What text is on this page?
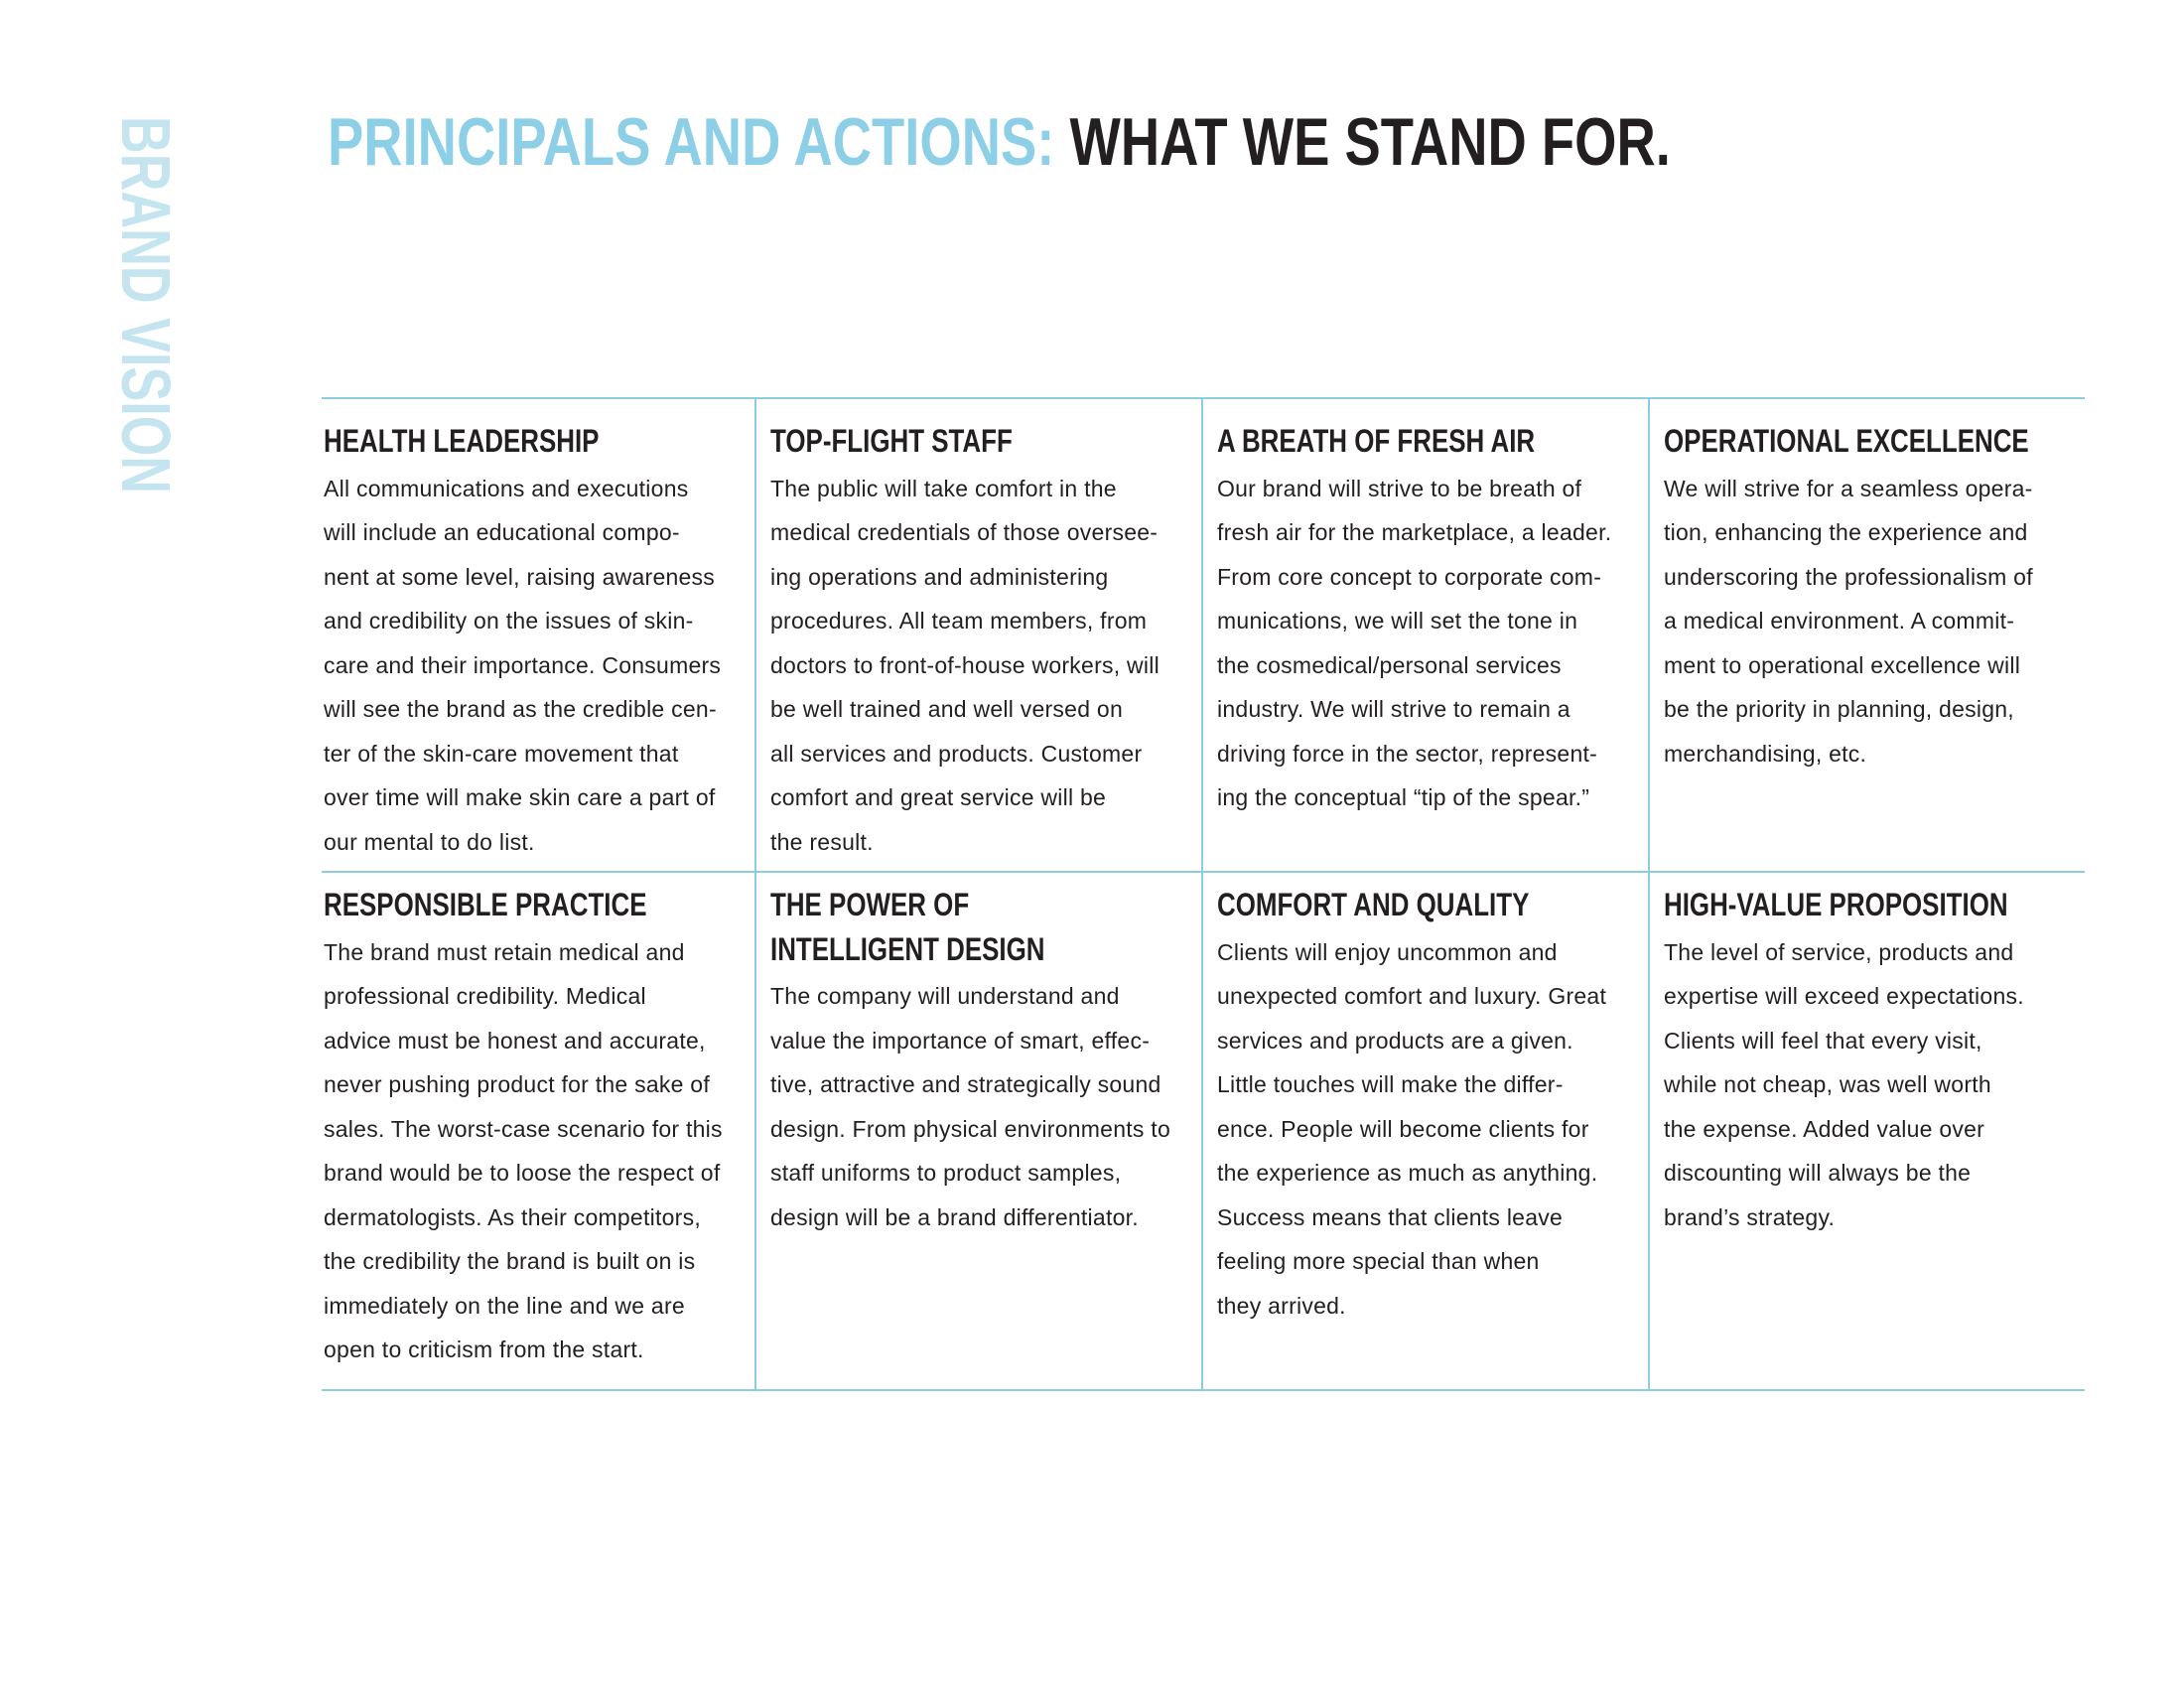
BRAND VISION PRINCIPALS AND ACTIONS: WHAT WE STAND FOR.
HEALTH LEADERSHIP
All communications and executions
will include an educational compo-
nent at some level, raising awareness
and credibility on the issues of skin-
care and their importance. Consumers
will see the brand as the credible cen-
ter of the skin-care movement that
over time will make skin care a part of
our mental to do list.
TOP-FLIGHT STAFF
The public will take comfort in the
medical credentials of those oversee-
ing operations and administering
procedures. All team members, from
doctors to front-of-house workers, will
be well trained and well versed on
all services and products. Customer
comfort and great service will be
the result.
A BREATH OF FRESH AIR
Our brand will strive to be breath of
fresh air for the marketplace, a leader.
From core concept to corporate com-
munications, we will set the tone in
the cosmedical/personal services
industry. We will strive to remain a
driving force in the sector, represent-
ing the conceptual “tip of the spear.”
OPERATIONAL EXCELLENCE
We will strive for a seamless opera-
tion, enhancing the experience and
underscoring the professionalism of
a medical environment. A commit-
ment to operational excellence will
be the priority in planning, design,
merchandising, etc.
RESPONSIBLE PRACTICE
The brand must retain medical and
professional credibility. Medical
advice must be honest and accurate,
never pushing product for the sake of
sales. The worst-case scenario for this
brand would be to loose the respect of
dermatologists. As their competitors,
the credibility the brand is built on is
immediately on the line and we are
open to criticism from the start.
THE POWER OF
INTELLIGENT DESIGN
The company will understand and
value the importance of smart, effec-
tive, attractive and strategically sound
design. From physical environments to
staff uniforms to product samples,
design will be a brand differentiator.
COMFORT AND QUALITY
Clients will enjoy uncommon and
unexpected comfort and luxury. Great
services and products are a given.
Little touches will make the differ-
ence. People will become clients for
the experience as much as anything.
Success means that clients leave
feeling more special than when
they arrived.
HIGH-VALUE PROPOSITION
The level of service, products and
expertise will exceed expectations.
Clients will feel that every visit,
while not cheap, was well worth
the expense. Added value over
discounting will always be the
brand’s strategy.
